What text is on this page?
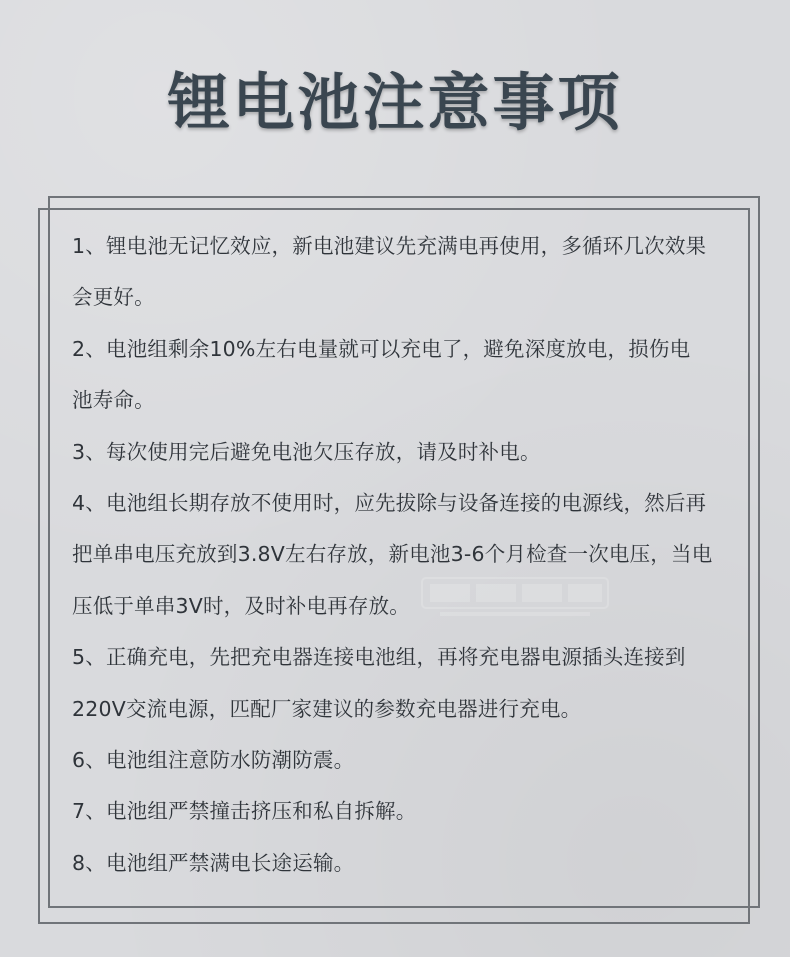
锂电池注意事项

1、锂电池无记忆效应，新电池建议先充满电再使用，多循环几次效果
会更好。

2、电池组剩余10%左右电量就可以充电了，避免深度放电，损伤电
池寿命。

3、每次使用完后避免电池欠压存放，请及时补电。

4、电池组长期存放不使用时，应先拔除与设备连接的电源线，然后再
把单串电压充放到3.8V左右存放，新电池3-6个月检查一次电压，当电
压低于单串3V时，及时补电再存放。

5、正确充电，先把充电器连接电池组，再将充电器电源插头连接到
220V交流电源，匹配厂家建议的参数充电器进行充电。

6、电池组注意防水防潮防震。

7、电池组严禁撞击挤压和私自拆解。

8、电池组严禁满电长途运输。
